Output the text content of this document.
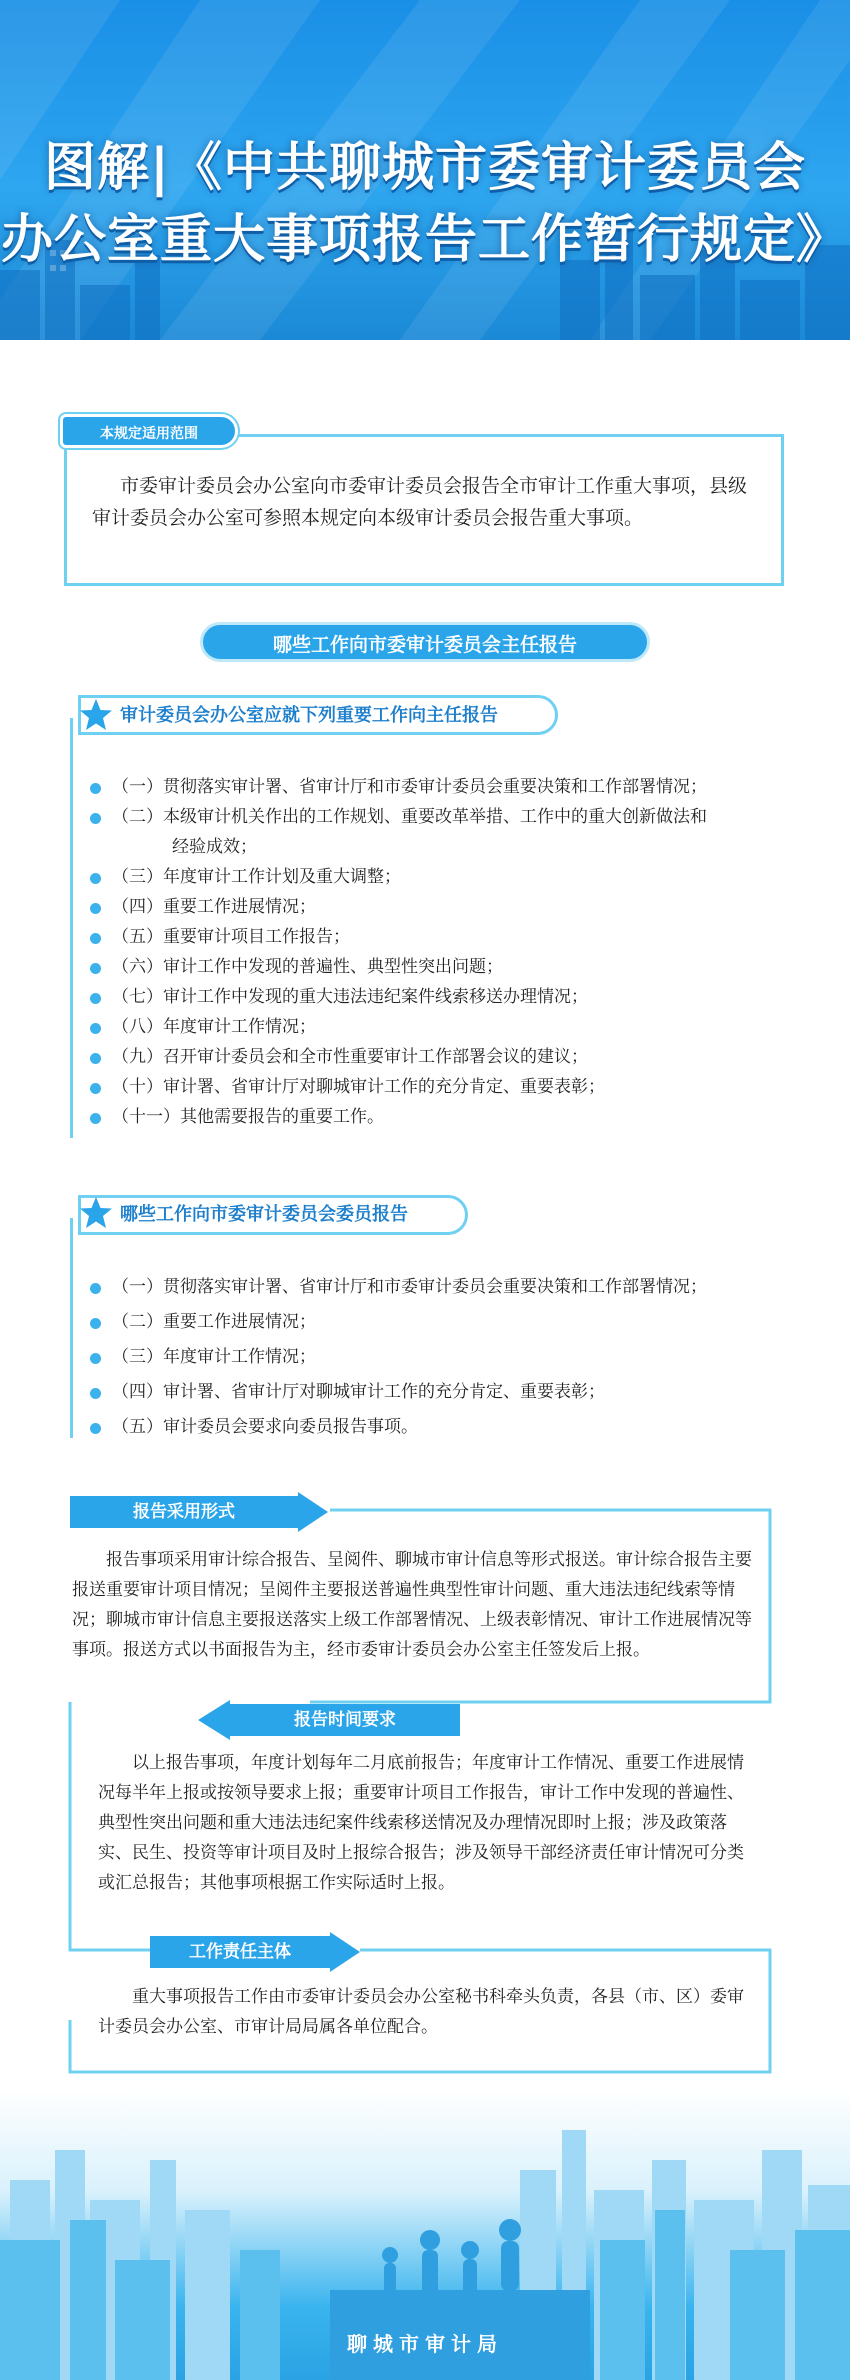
图解|《中共聊城市委审计委员会
办公室重大事项报告工作暂行规定》
本规定适用范围
市委审计委员会办公室向市委审计委员会报告全市审计工作重大事项，县级审计委员会办公室可参照本规定向本级审计委员会报告重大事项。
哪些工作向市委审计委员会主任报告
审计委员会办公室应就下列重要工作向主任报告
（一）贯彻落实审计署、省审计厅和市委审计委员会重要决策和工作部署情况；
（二）本级审计机关作出的工作规划、重要改革举措、工作中的重大创新做法和
经验成效；
（三）年度审计工作计划及重大调整；
（四）重要工作进展情况；
（五）重要审计项目工作报告；
（六）审计工作中发现的普遍性、典型性突出问题；
（七）审计工作中发现的重大违法违纪案件线索移送办理情况；
（八）年度审计工作情况；
（九）召开审计委员会和全市性重要审计工作部署会议的建议；
（十）审计署、省审计厅对聊城审计工作的充分肯定、重要表彰；
（十一）其他需要报告的重要工作。
哪些工作向市委审计委员会委员报告
（一）贯彻落实审计署、省审计厅和市委审计委员会重要决策和工作部署情况；
（二）重要工作进展情况；
（三）年度审计工作情况；
（四）审计署、省审计厅对聊城审计工作的充分肯定、重要表彰；
（五）审计委员会要求向委员报告事项。
报告采用形式
报告事项采用审计综合报告、呈阅件、聊城市审计信息等形式报送。审计综合报告主要报送重要审计项目情况；呈阅件主要报送普遍性典型性审计问题、重大违法违纪线索等情况；聊城市审计信息主要报送落实上级工作部署情况、上级表彰情况、审计工作进展情况等事项。报送方式以书面报告为主，经市委审计委员会办公室主任签发后上报。
报告时间要求
以上报告事项，年度计划每年二月底前报告；年度审计工作情况、重要工作进展情况每半年上报或按领导要求上报；重要审计项目工作报告，审计工作中发现的普遍性、典型性突出问题和重大违法违纪案件线索移送情况及办理情况即时上报；涉及政策落实、民生、投资等审计项目及时上报综合报告；涉及领导干部经济责任审计情况可分类或汇总报告；其他事项根据工作实际适时上报。
工作责任主体
重大事项报告工作由市委审计委员会办公室秘书科牵头负责，各县（市、区）委审计委员会办公室、市审计局局属各单位配合。
聊城市审计局
